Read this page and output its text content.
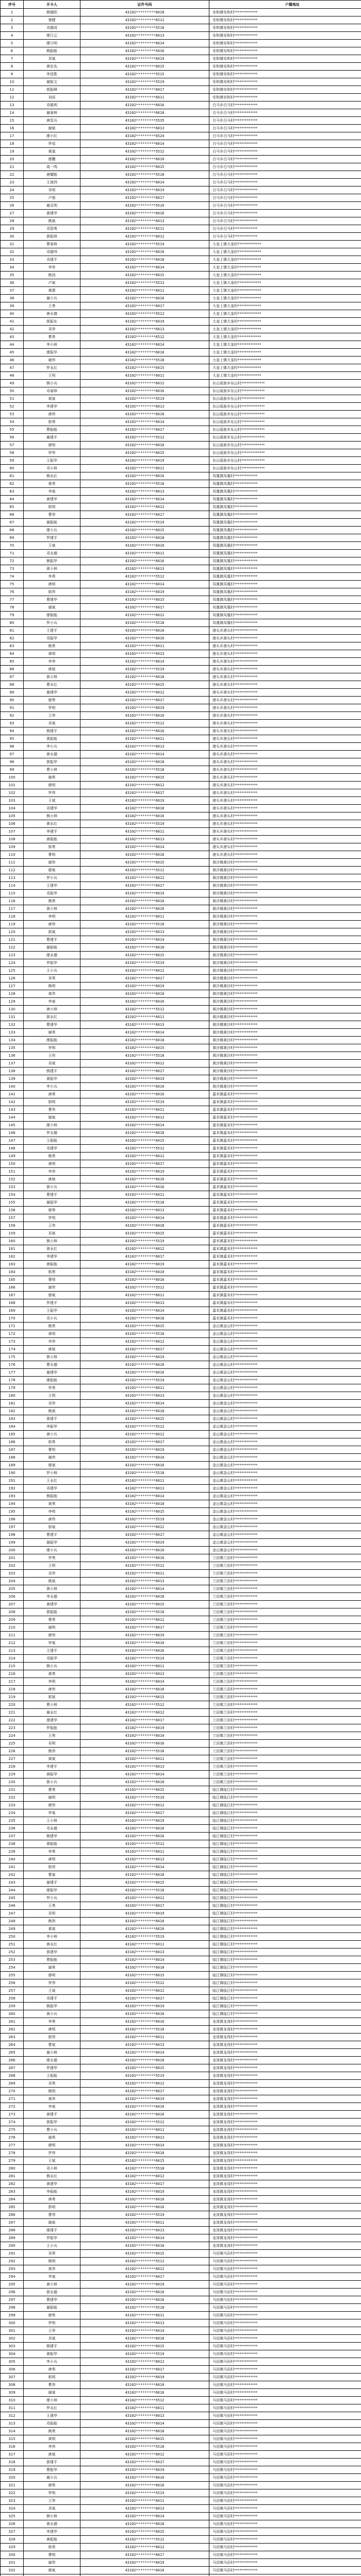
序号	开卡人	证件号码	户籍地址
1	熊德阳	43102*********6018	安和镇安和村*************
2	秦健	43102*********6512	安和镇安和村*************
3	邓德成	43102*********5518	安和镇安和村*************
4	廖日云	43102*********6013	安和镇安和村*************
5	廖日明	43102*********6014	安和镇安和村*************
6	熊振能	43102*********5016	安和镇安和村*************
7	邓斌	43102*********6019	安和镇安和村*************
8	黄宏先	43102*********6015	安和镇安和村*************
9	李进胜	43102*********5515	安和镇安和村*************
10	谢振文	43102*********5519	安和镇安和村*************
11	郭振峰	43102*********6017	安和镇安和村*************
12	刘成	43102*********6011	安和镇安和村*************
13	邓德利	43102*********6016	白马乡白马村*************
14	谢春林	43102*********6018	白马乡白马村*************
15	唐显兵	43102*********5535	白马乡白马村*************
16	谢斌	43102*********6013	白马乡白马村*************
17	廖小红	43102*********6524	白马乡白马村*************
18	罗成	43102*********6014	白马乡白马村*************
19	黄迪	43102*********5512	白马乡白马村*************
20	廖鹏	43102*********6010	白马乡白马村*************
21	周一鸣	43102*********6015	白马乡白马村*************
22	唐耀能	43102*********5518	白马乡白马村*************
23	王海伟	43102*********6014	白马乡白马村*************
24	邓明	43102*********6019	白马乡白马村*************
25	卢强	43102*********6017	白马乡白马村*************
26	谢双利	43102*********5510	白马乡白马村*************
27	黄建华	43102*********6016	白马乡白马村*************
28	熊斌	43102*********6013	白马乡白马村*************
29	邓智勇	43102*********6511	白马乡白马村*************
30	郭振林	43102*********6012	白马乡白马村*************
31	曹春林	43102*********5519	大奎上镇大奎村*************
32	邓德伟	43102*********6010	大奎上镇大奎村*************
33	邓建平	43102*********6018	大奎上镇大奎村*************
34	李伟	43102*********6014	大奎上镇大奎村*************
35	熊剑	43102*********6015	大奎上镇大奎村*************
36	卢斌	43102*********5513	大奎上镇大奎村*************
37	黄建	43102*********6011	大奎上镇大奎村*************
38	谢小兵	43102*********6016	大奎上镇大奎村*************
39	王勇	43102*********6017	大奎上镇大奎村*************
40	唐永德	43102*********5512	大奎上镇大奎村*************
41	郭振东	43102*********6019	大奎上镇大奎村*************
42	邓伟	43102*********6013	大奎上镇大奎村*************
43	曹勇	43102*********6512	大奎上镇大奎村*************
44	李小林	43102*********6014	大奎上镇大奎村*************
45	廖振华	43102*********6010	大奎上镇大奎村*************
46	谢伟	43102*********5518	大奎上镇大奎村*************
47	罗永红	43102*********6015	大奎上镇大奎村*************
48	王明	43102*********6011	大奎上镇大奎村*************
49	熊小兵	43102*********6012	东山瑶族乡东山村*************
50	邓春林	43102*********6016	东山瑶族乡东山村*************
51	黄斌	43102*********5519	东山瑶族乡东山村*************
52	李建华	43102*********6013	东山瑶族乡东山村*************
53	唐伟	43102*********6018	东山瑶族乡东山村*************
54	郭勇	43102*********6014	东山瑶族乡东山村*************
55	曹振能	43102*********6017	东山瑶族乡东山村*************
56	谢建平	43102*********5512	东山瑶族乡东山村*************
57	廖明	43102*********6010	东山瑶族乡东山村*************
58	罗伟	43102*********6015	东山瑶族乡东山村*************
59	王振华	43102*********6019	东山瑶族乡东山村*************
60	邓小林	43102*********6011	东山瑶族乡东山村*************
61	熊永红	43102*********6016	凤凰镇凤凰村*************
62	黄勇	43102*********5518	凤凰镇凤凰村*************
63	李斌	43102*********6013	凤凰镇凤凰村*************
64	唐建华	43102*********6014	凤凰镇凤凰村*************
65	郭明	43102*********6012	凤凰镇凤凰村*************
66	曹伟	43102*********6017	凤凰镇凤凰村*************
67	谢振能	43102*********5519	凤凰镇凤凰村*************
68	廖小兵	43102*********6015	凤凰镇凤凰村*************
69	罗建平	43102*********6018	凤凰镇凤凰村*************
70	王斌	43102*********6010	凤凰镇凤凰村*************
71	邓永德	43102*********6011	凤凰镇凤凰村*************
72	熊振华	43102*********6016	凤凰镇凤凰村*************
73	黄小林	43102*********6013	凤凰镇凤凰村*************
74	李勇	43102*********5512	凤凰镇凤凰村*************
75	唐明	43102*********6014	凤凰镇凤凰村*************
76	郭伟	43102*********6019	凤凰镇凤凰村*************
77	曹建华	43102*********6015	凤凰镇凤凰村*************
78	谢斌	43102*********6017	凤凰镇凤凰村*************
79	廖振能	43102*********6012	凤凰镇凤凰村*************
80	罗小兵	43102*********5518	凤凰镇凤凰村*************
81	王建平	43102*********6010	港头乡港头村*************
82	邓振华	43102*********6016	港头乡港头村*************
83	熊勇	43102*********6011	港头乡港头村*************
84	黄明	43102*********6013	港头乡港头村*************
85	李伟	43102*********6014	港头乡港头村*************
86	唐斌	43102*********5519	港头乡港头村*************
87	郭小林	43102*********6018	港头乡港头村*************
88	曹永红	43102*********6015	港头乡港头村*************
89	谢建华	43102*********6012	港头乡港头村*************
90	廖勇	43102*********6017	港头乡港头村*************
91	罗明	43102*********6019	港头乡港头村*************
92	王伟	43102*********6010	港头乡港头村*************
93	邓斌	43102*********5512	港头乡港头村*************
94	熊建平	43102*********6016	港头乡港头村*************
95	黄振能	43102*********6011	港头乡港头村*************
96	李小兵	43102*********6013	港头乡港头村*************
97	唐永德	43102*********6014	港头乡港头村*************
98	郭振华	43102*********6018	港头乡港头村*************
99	曹小林	43102*********5518	港头乡港头村*************
100	谢勇	43102*********6015	港头乡港头村*************
101	廖明	43102*********6012	港头乡港头村*************
102	罗伟	43102*********6017	港头乡港头村*************
103	王斌	43102*********6019	港头乡港头村*************
104	邓建华	43102*********6010	港头乡港头村*************
105	熊小林	43102*********6016	港头乡港头村*************
106	黄永红	43102*********5519	港头乡港头村*************
107	李建平	43102*********6011	港头乡港头村*************
108	唐振能	43102*********6013	港头乡港头村*************
109	郭勇	43102*********6014	港头乡港头村*************
110	曹明	43102*********6018	港头乡港头村*************
111	谢伟	43102*********6015	黄沙镇黄沙村*************
112	廖斌	43102*********5512	黄沙镇黄沙村*************
113	罗小兵	43102*********6012	黄沙镇黄沙村*************
114	王建华	43102*********6017	黄沙镇黄沙村*************
115	邓振华	43102*********6019	黄沙镇黄沙村*************
116	熊勇	43102*********6010	黄沙镇黄沙村*************
117	黄小林	43102*********6016	黄沙镇黄沙村*************
118	李明	43102*********6011	黄沙镇黄沙村*************
119	唐伟	43102*********5518	黄沙镇黄沙村*************
120	郭斌	43102*********6013	黄沙镇黄沙村*************
121	曹建平	43102*********6014	黄沙镇黄沙村*************
122	谢振能	43102*********6018	黄沙镇黄沙村*************
123	廖永德	43102*********6015	黄沙镇黄沙村*************
124	罗振华	43102*********5519	黄沙镇黄沙村*************
125	王小兵	43102*********6012	黄沙镇黄沙村*************
126	邓勇	43102*********6017	黄沙镇黄沙村*************
127	熊明	43102*********6019	黄沙镇黄沙村*************
128	黄伟	43102*********6010	黄沙镇黄沙村*************
129	李斌	43102*********6016	黄沙镇黄沙村*************
130	唐小林	43102*********5512	黄沙镇黄沙村*************
131	郭永红	43102*********6011	黄沙镇黄沙村*************
132	曹建华	43102*********6013	黄沙镇黄沙村*************
133	谢勇	43102*********6014	黄沙镇黄沙村*************
134	廖振能	43102*********6018	黄沙镇黄沙村*************
135	罗明	43102*********6015	黄沙镇黄沙村*************
136	王伟	43102*********5518	黄沙镇黄沙村*************
137	邓斌	43102*********6012	黄沙镇黄沙村*************
138	熊建平	43102*********6017	黄沙镇黄沙村*************
139	黄振华	43102*********6019	黄沙镇黄沙村*************
140	李小兵	43102*********6010	黄沙镇黄沙村*************
141	唐勇	43102*********6016	嘉禾镇嘉禾村*************
142	郭明	43102*********5519	嘉禾镇嘉禾村*************
143	曹伟	43102*********6011	嘉禾镇嘉禾村*************
144	谢斌	43102*********6013	嘉禾镇嘉禾村*************
145	廖小林	43102*********6014	嘉禾镇嘉禾村*************
146	罗永德	43102*********6018	嘉禾镇嘉禾村*************
147	王振能	43102*********6015	嘉禾镇嘉禾村*************
148	邓建华	43102*********5512	嘉禾镇嘉禾村*************
149	熊勇	43102*********6012	嘉禾镇嘉禾村*************
150	黄明	43102*********6017	嘉禾镇嘉禾村*************
151	李伟	43102*********6019	嘉禾镇嘉禾村*************
152	唐斌	43102*********6010	嘉禾镇嘉禾村*************
153	郭小兵	43102*********6016	嘉禾镇嘉禾村*************
154	曹建平	43102*********6011	嘉禾镇嘉禾村*************
155	谢振华	43102*********5518	嘉禾镇嘉禾村*************
156	廖勇	43102*********6013	嘉禾镇嘉禾村*************
157	罗明	43102*********6014	嘉禾镇嘉禾村*************
158	王伟	43102*********6018	嘉禾镇嘉禾村*************
159	邓斌	43102*********6015	嘉禾镇嘉禾村*************
160	熊小林	43102*********5519	嘉禾镇嘉禾村*************
161	黄永红	43102*********6012	嘉禾镇嘉禾村*************
162	李建华	43102*********6017	嘉禾镇嘉禾村*************
163	唐振能	43102*********6019	嘉禾镇嘉禾村*************
164	郭勇	43102*********6010	嘉禾镇嘉禾村*************
165	曹明	43102*********6016	嘉禾镇嘉禾村*************
166	谢伟	43102*********5512	嘉禾镇嘉禾村*************
167	廖斌	43102*********6011	嘉禾镇嘉禾村*************
168	罗建平	43102*********6013	嘉禾镇嘉禾村*************
169	王振华	43102*********6014	嘉禾镇嘉禾村*************
170	邓小兵	43102*********6018	嘉禾镇嘉禾村*************
171	熊勇	43102*********6015	金山镇金山村*************
172	黄明	43102*********5518	金山镇金山村*************
173	李伟	43102*********6012	金山镇金山村*************
174	唐斌	43102*********6017	金山镇金山村*************
175	郭小林	43102*********6019	金山镇金山村*************
176	曹永德	43102*********6010	金山镇金山村*************
177	谢建华	43102*********6016	金山镇金山村*************
178	廖振能	43102*********5519	金山镇金山村*************
179	罗勇	43102*********6011	金山镇金山村*************
180	王明	43102*********6013	金山镇金山村*************
181	邓伟	43102*********6014	金山镇金山村*************
182	熊斌	43102*********6018	金山镇金山村*************
183	黄建平	43102*********6015	金山镇金山村*************
184	李振华	43102*********5512	金山镇金山村*************
185	唐小兵	43102*********6012	金山镇金山村*************
186	郭勇	43102*********6017	金山镇金山村*************
187	曹明	43102*********6019	金山镇金山村*************
188	谢伟	43102*********6010	金山镇金山村*************
189	廖斌	43102*********6016	金山镇金山村*************
190	罗小林	43102*********5518	金山镇金山村*************
191	王永红	43102*********6011	金山镇金山村*************
192	邓建华	43102*********6013	金山镇金山村*************
193	熊振能	43102*********6014	金山镇金山村*************
194	黄勇	43102*********6018	金山镇金山村*************
195	李明	43102*********6015	金山镇金山村*************
196	唐伟	43102*********5519	金山镇金山村*************
197	郭斌	43102*********6012	金山镇金山村*************
198	曹建平	43102*********6017	金山镇金山村*************
199	谢振华	43102*********6019	金山镇金山村*************
200	廖小兵	43102*********6010	金山镇金山村*************
201	罗勇	43102*********6016	兰田镇兰田村*************
202	王明	43102*********5512	兰田镇兰田村*************
203	邓伟	43102*********6011	兰田镇兰田村*************
204	熊斌	43102*********6013	兰田镇兰田村*************
205	黄小林	43102*********6014	兰田镇兰田村*************
206	李永德	43102*********6018	兰田镇兰田村*************
207	唐建华	43102*********6015	兰田镇兰田村*************
208	郭振能	43102*********5518	兰田镇兰田村*************
209	曹勇	43102*********6012	兰田镇兰田村*************
210	谢明	43102*********6017	兰田镇兰田村*************
211	廖伟	43102*********6019	兰田镇兰田村*************
212	罗斌	43102*********6010	兰田镇兰田村*************
213	王建平	43102*********6016	兰田镇兰田村*************
214	邓振华	43102*********5519	兰田镇兰田村*************
215	熊小兵	43102*********6011	兰田镇兰田村*************
216	黄勇	43102*********6013	兰田镇兰田村*************
217	李明	43102*********6014	兰田镇兰田村*************
218	唐伟	43102*********6018	兰田镇兰田村*************
219	郭斌	43102*********6015	兰田镇兰田村*************
220	曹小林	43102*********5512	兰田镇兰田村*************
221	谢永红	43102*********6012	兰田镇兰田村*************
222	廖建华	43102*********6017	兰田镇兰田村*************
223	罗振能	43102*********6019	兰田镇兰田村*************
224	王勇	43102*********6010	兰田镇兰田村*************
225	邓明	43102*********6016	兰田镇兰田村*************
226	熊伟	43102*********5518	兰田镇兰田村*************
227	黄斌	43102*********6011	兰田镇兰田村*************
228	李建平	43102*********6013	兰田镇兰田村*************
229	唐振华	43102*********6014	兰田镇兰田村*************
230	郭小兵	43102*********6018	兰田镇兰田村*************
231	曹勇	43102*********6015	临江镇临江村*************
232	谢明	43102*********5519	临江镇临江村*************
233	廖伟	43102*********6012	临江镇临江村*************
234	罗斌	43102*********6017	临江镇临江村*************
235	王小林	43102*********6019	临江镇临江村*************
236	邓永德	43102*********6010	临江镇临江村*************
237	熊建华	43102*********6016	临江镇临江村*************
238	黄振能	43102*********5512	临江镇临江村*************
239	李勇	43102*********6011	临江镇临江村*************
240	唐明	43102*********6013	临江镇临江村*************
241	郭伟	43102*********6014	临江镇临江村*************
242	曹斌	43102*********6018	临江镇临江村*************
243	谢建平	43102*********6015	临江镇临江村*************
244	廖振华	43102*********5518	临江镇临江村*************
245	罗小兵	43102*********6012	临江镇临江村*************
246	王勇	43102*********6017	临江镇临江村*************
247	邓明	43102*********6019	临江镇临江村*************
248	熊伟	43102*********6010	临江镇临江村*************
249	黄斌	43102*********6016	临江镇临江村*************
250	李小林	43102*********5519	临江镇临江村*************
251	唐永红	43102*********6011	临江镇临江村*************
252	郭建华	43102*********6013	临江镇临江村*************
253	曹振能	43102*********6014	临江镇临江村*************
254	谢勇	43102*********6018	临江镇临江村*************
255	廖明	43102*********6015	临江镇临江村*************
256	罗伟	43102*********5512	临江镇临江村*************
257	王斌	43102*********6012	临江镇临江村*************
258	邓建平	43102*********6017	临江镇临江村*************
259	熊振华	43102*********6019	临江镇临江村*************
260	黄小兵	43102*********6010	临江镇临江村*************
261	李勇	43102*********6016	龙岗镇龙岗村*************
262	唐明	43102*********5518	龙岗镇龙岗村*************
263	郭伟	43102*********6011	龙岗镇龙岗村*************
264	曹斌	43102*********6013	龙岗镇龙岗村*************
265	谢小林	43102*********6014	龙岗镇龙岗村*************
266	廖永德	43102*********6018	龙岗镇龙岗村*************
267	罗建华	43102*********6015	龙岗镇龙岗村*************
268	王振能	43102*********5519	龙岗镇龙岗村*************
269	邓勇	43102*********6012	龙岗镇龙岗村*************
270	熊明	43102*********6017	龙岗镇龙岗村*************
271	黄伟	43102*********6019	龙岗镇龙岗村*************
272	李斌	43102*********6010	龙岗镇龙岗村*************
273	唐建平	43102*********6016	龙岗镇龙岗村*************
274	郭振华	43102*********5512	龙岗镇龙岗村*************
275	曹小兵	43102*********6011	龙岗镇龙岗村*************
276	谢勇	43102*********6013	龙岗镇龙岗村*************
277	廖明	43102*********6014	龙岗镇龙岗村*************
278	罗伟	43102*********6018	龙岗镇龙岗村*************
279	王斌	43102*********6015	龙岗镇龙岗村*************
280	邓小林	43102*********5518	龙岗镇龙岗村*************
281	熊永红	43102*********6012	龙岗镇龙岗村*************
282	黄建华	43102*********6017	龙岗镇龙岗村*************
283	李振能	43102*********6019	龙岗镇龙岗村*************
284	唐勇	43102*********6010	龙岗镇龙岗村*************
285	郭明	43102*********6016	龙岗镇龙岗村*************
286	曹伟	43102*********5519	龙岗镇龙岗村*************
287	谢斌	43102*********6011	龙岗镇龙岗村*************
288	廖建平	43102*********6013	龙岗镇龙岗村*************
289	罗振华	43102*********6014	龙岗镇龙岗村*************
290	王小兵	43102*********6018	龙岗镇龙岗村*************
291	邓勇	43102*********6015	马田镇马田村*************
292	熊明	43102*********5512	马田镇马田村*************
293	黄伟	43102*********6012	马田镇马田村*************
294	李斌	43102*********6017	马田镇马田村*************
295	唐小林	43102*********6019	马田镇马田村*************
296	郭永德	43102*********6010	马田镇马田村*************
297	曹建华	43102*********6016	马田镇马田村*************
298	谢振能	43102*********5518	马田镇马田村*************
299	廖勇	43102*********6011	马田镇马田村*************
300	罗明	43102*********6013	马田镇马田村*************
301	王伟	43102*********6014	马田镇马田村*************
302	邓斌	43102*********6018	马田镇马田村*************
303	熊建平	43102*********6015	马田镇马田村*************
304	黄振华	43102*********5519	马田镇马田村*************
305	李小兵	43102*********6012	马田镇马田村*************
306	唐勇	43102*********6017	马田镇马田村*************
307	郭明	43102*********6019	马田镇马田村*************
308	曹伟	43102*********6010	马田镇马田村*************
309	谢斌	43102*********6016	马田镇马田村*************
310	廖小林	43102*********5512	马田镇马田村*************
311	罗永红	43102*********6011	马田镇马田村*************
312	王建华	43102*********6013	马田镇马田村*************
313	邓振能	43102*********6014	马田镇马田村*************
314	熊勇	43102*********6018	马田镇马田村*************
315	黄明	43102*********6015	马田镇马田村*************
316	李伟	43102*********5518	马田镇马田村*************
317	唐斌	43102*********6012	马田镇马田村*************
318	郭建平	43102*********6017	马田镇马田村*************
319	曹振华	43102*********6019	马田镇马田村*************
320	谢小兵	43102*********6010	马田镇马田村*************
321	廖勇	43102*********6016	马田镇马田村*************
322	罗明	43102*********5519	马田镇马田村*************
323	王伟	43102*********6011	马田镇马田村*************
324	邓斌	43102*********6013	马田镇马田村*************
325	熊小林	43102*********6014	马田镇马田村*************
326	黄永德	43102*********6018	马田镇马田村*************
327	李建华	43102*********6015	马田镇马田村*************
328	唐振能	43102*********5512	马田镇马田村*************
329	郭勇	43102*********6012	马田镇马田村*************
330	曹明	43102*********6017	马田镇马田村*************
331	谢伟	43102*********6019	马田镇马田村*************
332	廖斌	43102*********6010	马田镇马田村*************
